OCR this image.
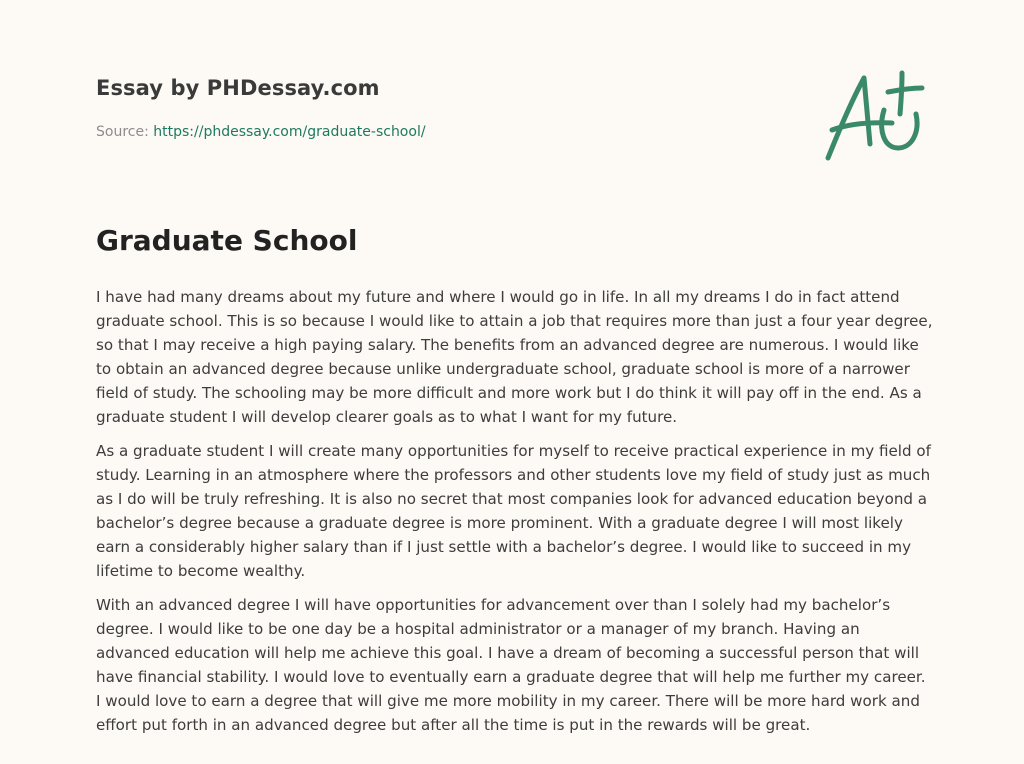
Essay by PHDessay.com
Source: https://phdessay.com/graduate-school/
Graduate School

I have had many dreams about my future and where I would go in life. In all my dreams I do in fact attend graduate school. This is so because I would like to attain a job that requires more than just a four year degree, so that I may receive a high paying salary. The benefits from an advanced degree are numerous. I would like to obtain an advanced degree because unlike undergraduate school, graduate school is more of a narrower field of study. The schooling may be more difficult and more work but I do think it will pay off in the end. As a graduate student I will develop clearer goals as to what I want for my future.

As a graduate student I will create many opportunities for myself to receive practical experience in my field of study. Learning in an atmosphere where the professors and other students love my field of study just as much as I do will be truly refreshing. It is also no secret that most companies look for advanced education beyond a bachelor’s degree because a graduate degree is more prominent. With a graduate degree I will most likely earn a considerably higher salary than if I just settle with a bachelor’s degree. I would like to succeed in my lifetime to become wealthy.

With an advanced degree I will have opportunities for advancement over than I solely had my bachelor’s degree. I would like to be one day be a hospital administrator or a manager of my branch. Having an advanced education will help me achieve this goal. I have a dream of becoming a successful person that will have financial stability. I would love to eventually earn a graduate degree that will help me further my career. I would love to earn a degree that will give me more mobility in my career. There will be more hard work and effort put forth in an advanced degree but after all the time is put in the rewards will be great.
